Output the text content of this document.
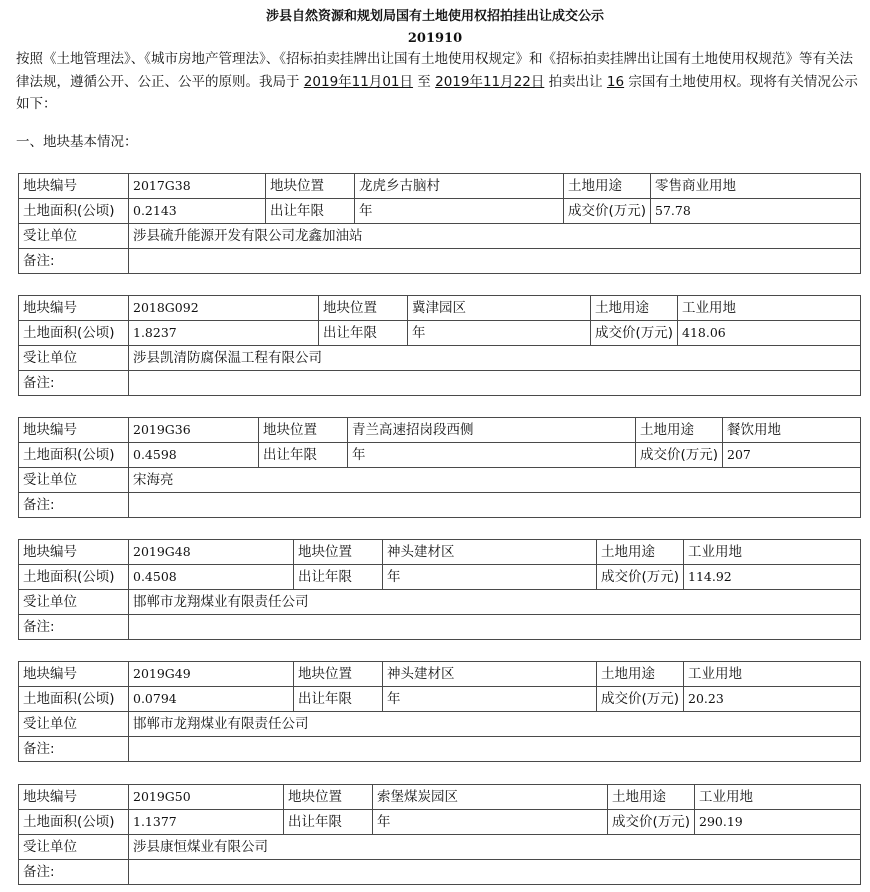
涉县自然资源和规划局国有土地使用权招拍挂出让成交公示
201910
按照《土地管理法》、《城市房地产管理法》、《招标拍卖挂牌出让国有土地使用权规定》和《招标拍卖挂牌出让国有土地使用权规范》等有关法律法规，遵循公开、公正、公平的原则。我局于 2019年11月01日 至 2019年11月22日 拍卖出让 16 宗国有土地使用权。现将有关情况公示如下：
一、地块基本情况：
地块编号	2017G38	地块位置	龙虎乡古脑村	土地用途	零售商业用地
土地面积(公顷)	0.2143	出让年限	年	成交价(万元)	57.78
受让单位	涉县硫升能源开发有限公司龙鑫加油站				
备注:					
地块编号	2018G092	地块位置	冀津园区	土地用途	工业用地
土地面积(公顷)	1.8237	出让年限	年	成交价(万元)	418.06
受让单位	涉县凯清防腐保温工程有限公司				
备注:					
地块编号	2019G36	地块位置	青兰高速招岗段西侧	土地用途	餐饮用地
土地面积(公顷)	0.4598	出让年限	年	成交价(万元)	207
受让单位	宋海亮				
备注:					
地块编号	2019G48	地块位置	神头建材区	土地用途	工业用地
土地面积(公顷)	0.4508	出让年限	年	成交价(万元)	114.92
受让单位	邯郸市龙翔煤业有限责任公司				
备注:					
地块编号	2019G49	地块位置	神头建材区	土地用途	工业用地
土地面积(公顷)	0.0794	出让年限	年	成交价(万元)	20.23
受让单位	邯郸市龙翔煤业有限责任公司				
备注:					
地块编号	2019G50	地块位置	索堡煤炭园区	土地用途	工业用地
土地面积(公顷)	1.1377	出让年限	年	成交价(万元)	290.19
受让单位	涉县康恒煤业有限公司				
备注:					
